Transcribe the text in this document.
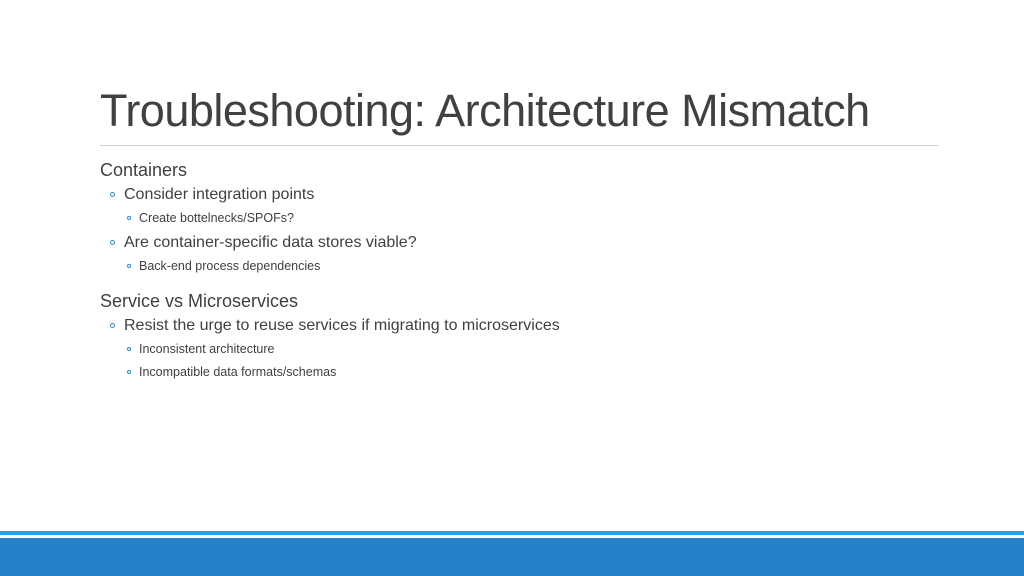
Troubleshooting: Architecture Mismatch
Containers
Consider integration points
Create bottelnecks/SPOFs?
Are container-specific data stores viable?
Back-end process dependencies
Service vs Microservices
Resist the urge to reuse services if migrating to microservices
Inconsistent architecture
Incompatible data formats/schemas
